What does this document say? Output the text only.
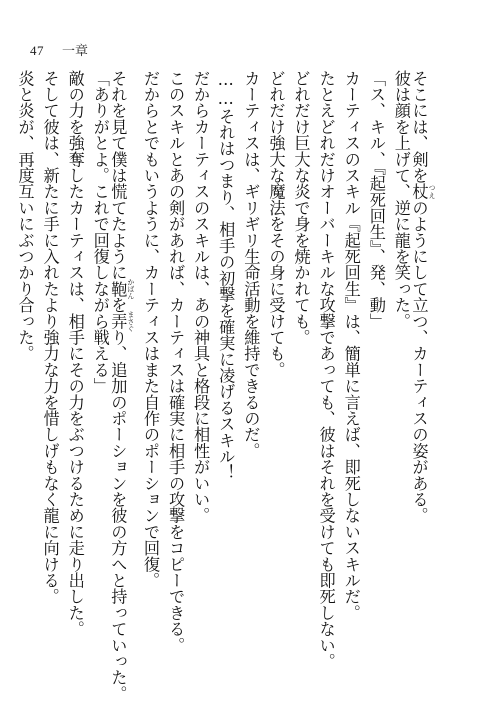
47 一章
そこには、剣を杖 つえのようにして立つ、カーティスの姿がある。
彼は顔を上げて、逆に龍を笑った。
「ス、キル、『起死回生』、発、動」
カーティスのスキル『起死回生』は、簡単に言えば、即死しないスキルだ。
たとえどれだけオーバーキルな攻撃であっても、彼はそれを受けても即死しない。
どれだけ巨大な炎で身を焼かれても。
どれだけ強大な魔法をその身に受けても。
カーティスは、ギリギリ生命活動を維持できるのだ。
……それはつまり、相手の初撃を確実に凌げるスキル！
だからカーティスのスキルは、あの神具と格段に相性がいい。
このスキルとあの剣があれば、カーティスは確実に相手の攻撃をコピーできる。
だからとでもいうように、カーティスはまた自作のポーションで回復。
それを見て僕は慌てたように鞄 かばんを弄 まさぐり、追加のポーションを彼の方へと持っていった。
「ありがとよ。これで回復しながら戦える」
敵の力を強奪したカーティスは、相手にその力をぶつけるために走り出した。
そして彼は、新たに手に入れたより強力な力を惜しげもなく龍に向ける。
炎と炎が、再度互いにぶつかり合った。
